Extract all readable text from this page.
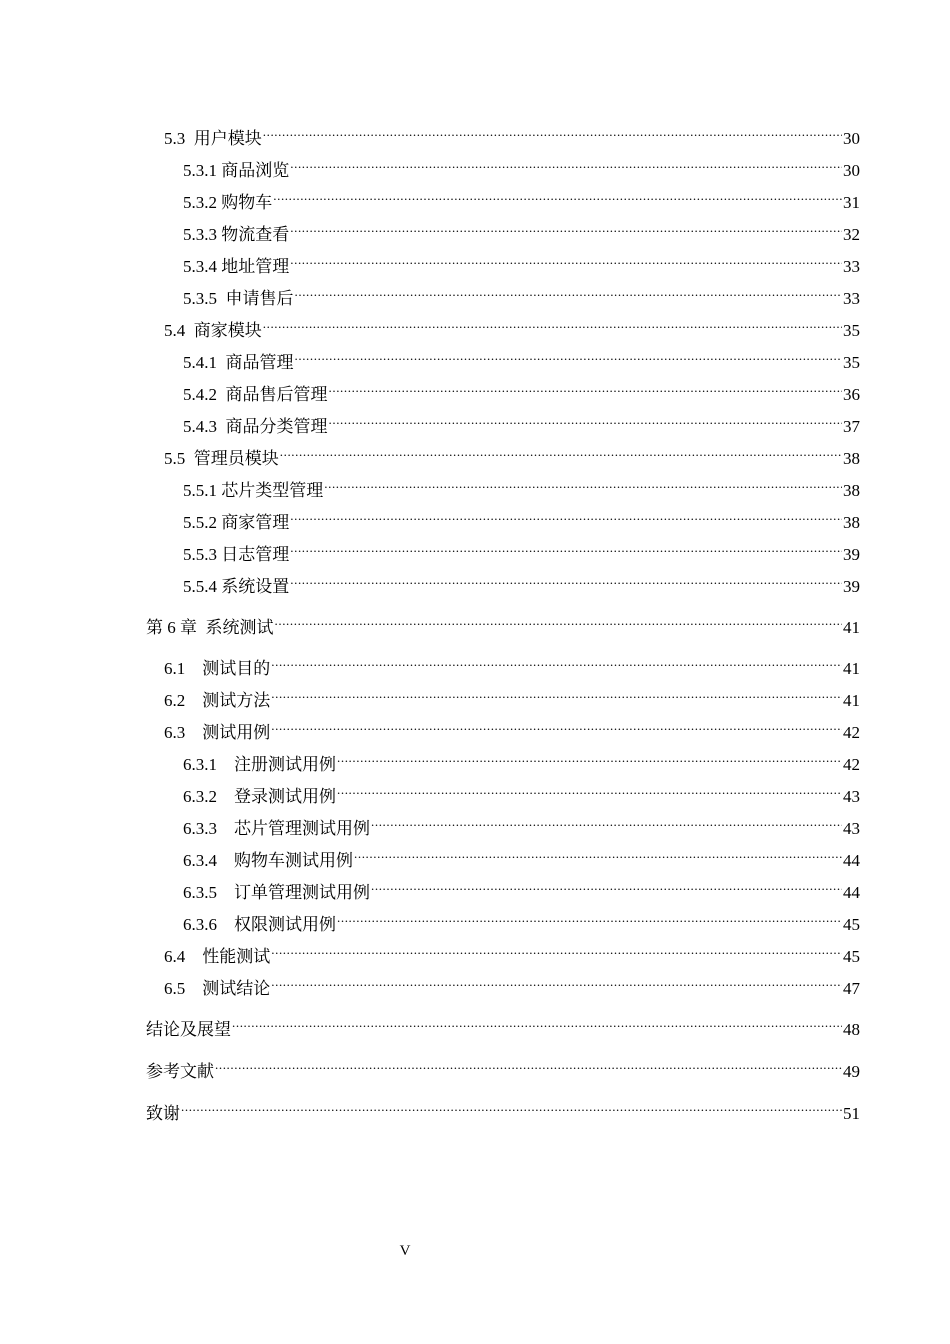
5.3  用户模块 .....	30
5.3.1 商品浏览 .....	30
5.3.2 购物车 .....	31
5.3.3 物流查看 .....	32
5.3.4 地址管理 .....	33
5.3.5  申请售后 .....	33
5.4  商家模块 .....	35
5.4.1  商品管理 .....	35
5.4.2  商品售后管理 .....	36
5.4.3  商品分类管理 .....	37
5.5  管理员模块 .....	38
5.5.1 芯片类型管理 .....	38
5.5.2 商家管理 .....	38
5.5.3 日志管理 .....	39
5.5.4 系统设置 .....	39
第 6 章  系统测试 .....	41
6.1    测试目的 .....	41
6.2    测试方法 .....	41
6.3    测试用例 .....	42
6.3.1    注册测试用例 .....	42
6.3.2    登录测试用例 .....	43
6.3.3    芯片管理测试用例 .....	43
6.3.4    购物车测试用例 .....	44
6.3.5    订单管理测试用例 .....	44
6.3.6    权限测试用例 .....	45
6.4    性能测试 .....	45
6.5    测试结论 .....	47
结论及展望 .....	48
参考文献 .....	49
致谢 .....	51
V
